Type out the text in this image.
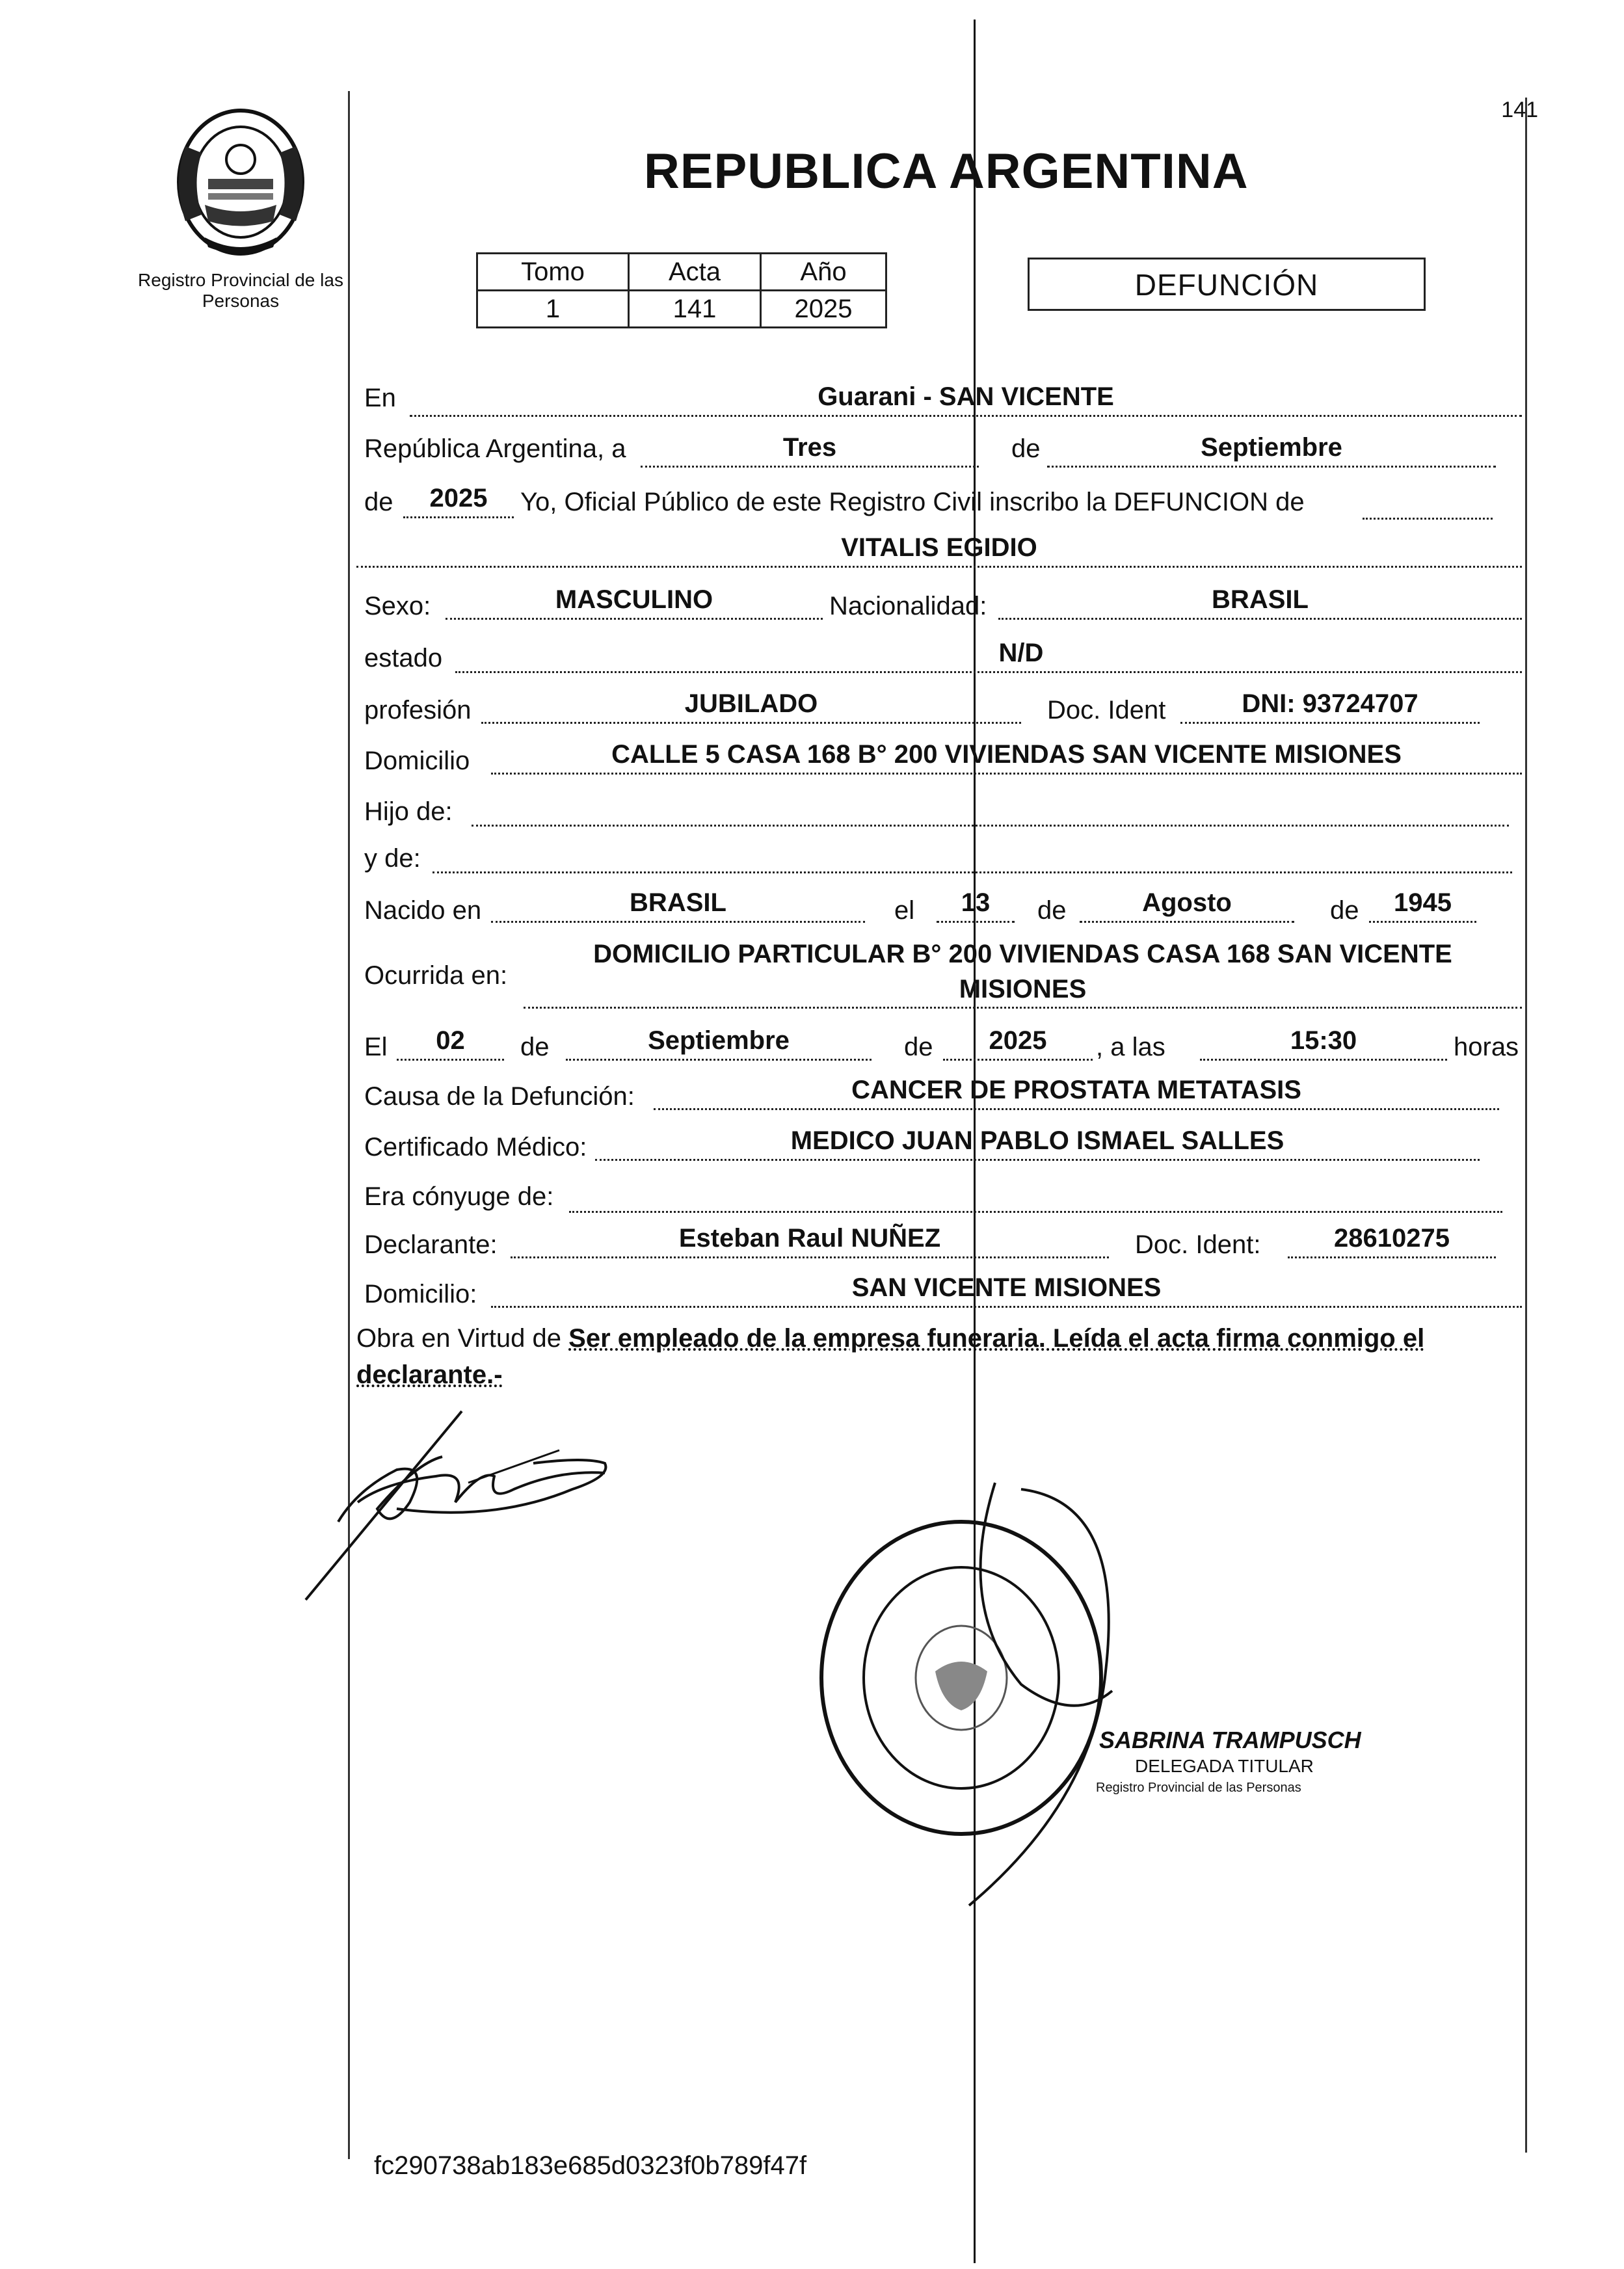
Registro Provincial de las Personas
141
REPUBLICA ARGENTINA
Tomo	Acta	Año
1	141	2025
DEFUNCIÓN
En	Guarani - SAN VICENTE
República Argentina, a	Tres	de	Septiembre
de	2025	Yo, Oficial Público de este Registro Civil inscribo la DEFUNCION de
VITALIS EGIDIO
Sexo:	MASCULINO	Nacionalidad:	BRASIL
estado	N/D
profesión	JUBILADO	Doc. Ident	DNI: 93724707
Domicilio	CALLE 5 CASA 168 B° 200 VIVIENDAS SAN VICENTE MISIONES
Hijo de:
y de:
Nacido en	BRASIL	el	13	de	Agosto	de	1945
Ocurrida en:
DOMICILIO PARTICULAR B° 200 VIVIENDAS CASA 168 SAN VICENTE
MISIONES
El	02	de	Septiembre	de	2025	, a las	15:30	horas
Causa de la Defunción:	CANCER DE PROSTATA METATASIS
Certificado Médico:	MEDICO JUAN PABLO ISMAEL SALLES
Era cónyuge de:
Declarante:	Esteban Raul NUÑEZ	Doc. Ident:	28610275
Domicilio:	SAN VICENTE MISIONES
Obra en Virtud de Ser empleado de la empresa funeraria. Leída el acta firma conmigo el declarante.-
SABRINA TRAMPUSCH
DELEGADA TITULAR
Registro Provincial de las Personas
fc290738ab183e685d0323f0b789f47f
